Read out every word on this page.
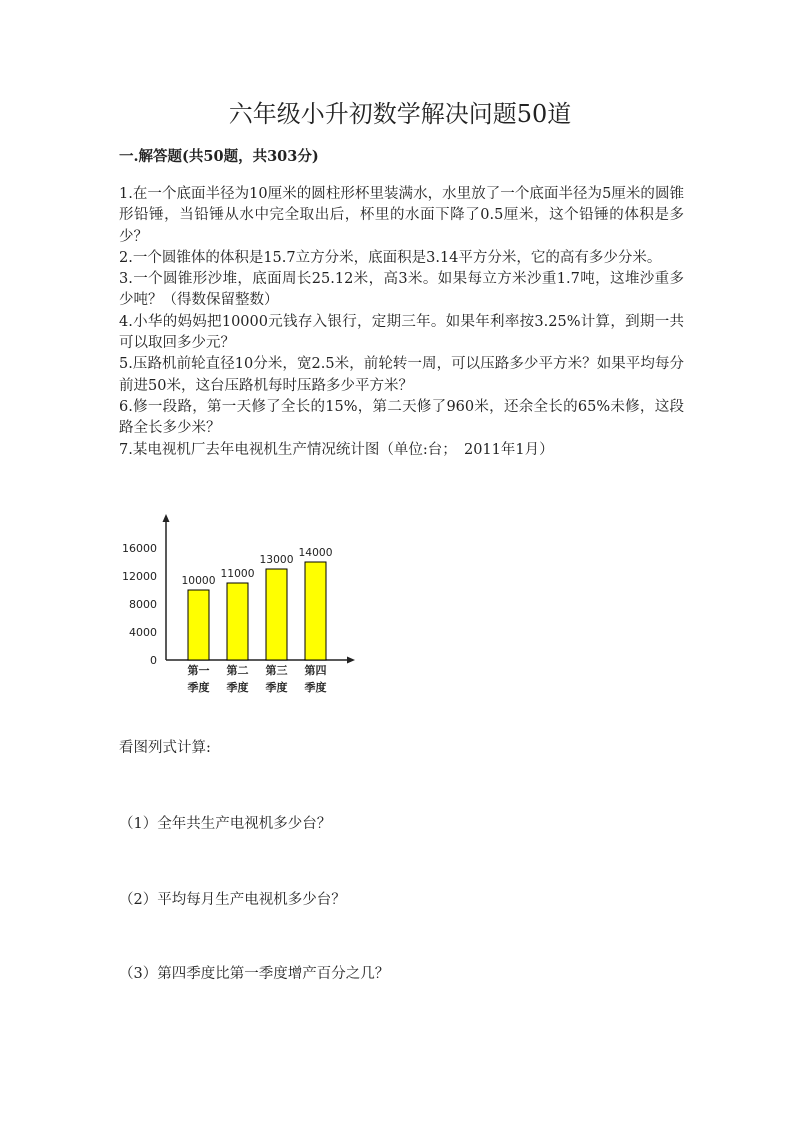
六年级小升初数学解决问题50道
一.解答题(共50题，共303分)
1.在一个底面半径为10厘米的圆柱形杯里装满水，水里放了一个底面半径为5厘米的圆锥形铅锤，当铅锤从水中完全取出后，杯里的水面下降了0.5厘米，这个铅锤的体积是多少？
2.一个圆锥体的体积是15.7立方分米，底面积是3.14平方分米，它的高有多少分米。
3.一个圆锥形沙堆，底面周长25.12米，高3米。如果每立方米沙重1.7吨，这堆沙重多少吨？（得数保留整数）
4.小华的妈妈把10000元钱存入银行，定期三年。如果年利率按3.25%计算，到期一共可以取回多少元？
5.压路机前轮直径10分米，宽2.5米，前轮转一周，可以压路多少平方米？如果平均每分前进50米，这台压路机每时压路多少平方米？
6.修一段路，第一天修了全长的15%，第二天修了960米，还余全长的65%未修，这段路全长多少米？
7.某电视机厂去年电视机生产情况统计图（单位:台；　2011年1月）
0
4000
8000
12000
16000
10000
第一
季度
11000
第二
季度
13000
第三
季度
14000
第四
季度

看图列式计算:

（1）全年共生产电视机多少台？

（2）平均每月生产电视机多少台？

（3）第四季度比第一季度增产百分之几？
